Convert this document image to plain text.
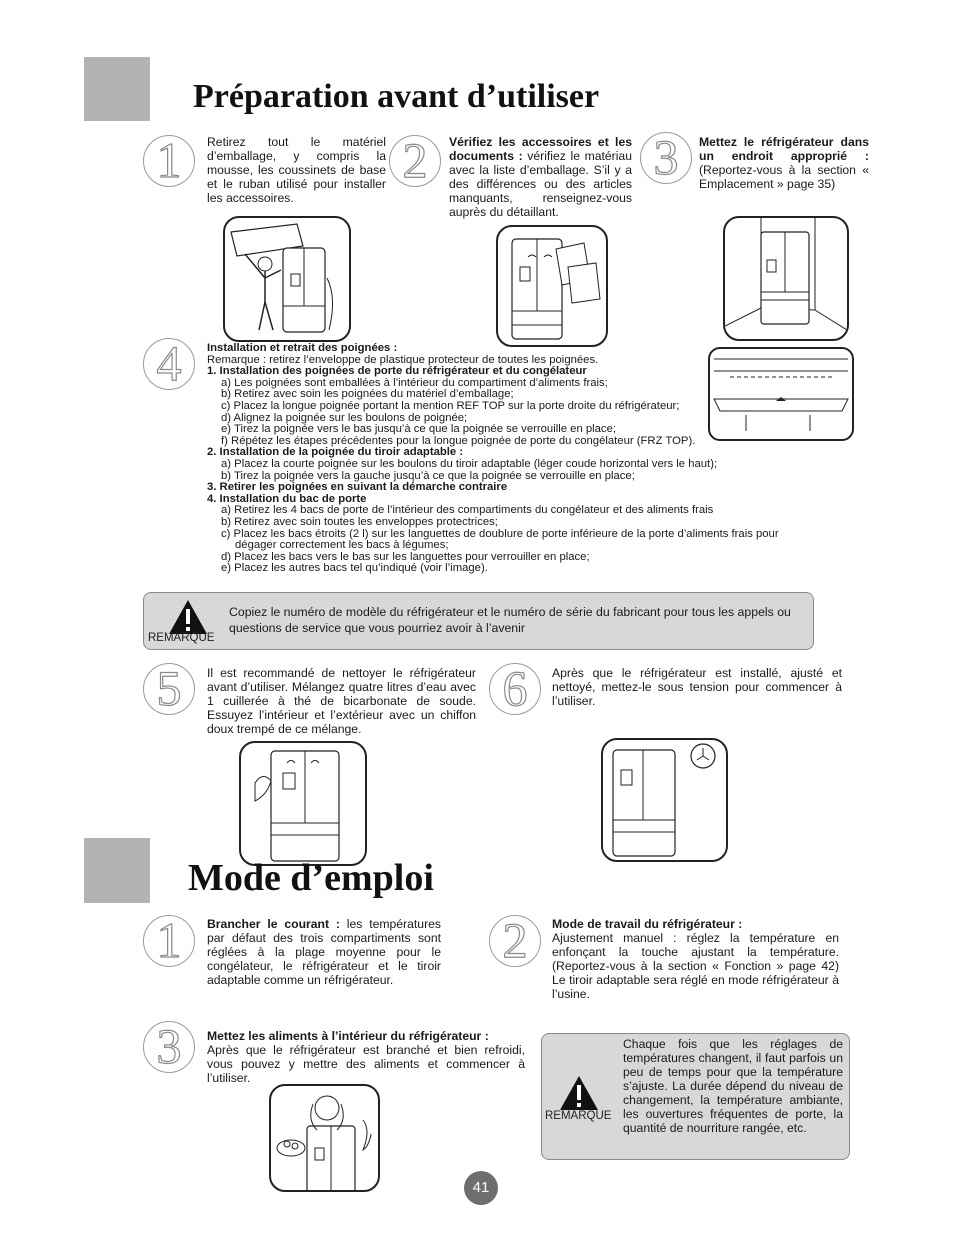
Préparation avant d’utiliser
1	Retirez tout le matériel d’emballage, y compris la mousse, les coussinets de base et le ruban utilisé pour installer les accessoires.
2	Vérifiez les accessoires et les documents : vérifiez le matériau avec la liste d’emballage. S’il y a des différences ou des articles manquants, renseignez-vous auprès du détaillant.
3	Mettez le réfrigérateur dans un endroit approprié : (Reportez-vous à la section « Emplacement » page 35)
4	Installation et retrait des poignées :
Remarque : retirez l’enveloppe de plastique protecteur de toutes les poignées.
1. Installation des poignées de porte du réfrigérateur et du congélateur
a) Les poignées sont emballées à l’intérieur du compartiment d’aliments frais;
b) Retirez avec soin les poignées du matériel d’emballage;
c) Placez la longue poignée portant la mention REF TOP sur la porte droite du réfrigérateur;
d) Alignez la poignée sur les boulons de poignée;
e) Tirez la poignée vers le bas jusqu’à ce que la poignée se verrouille en place;
f) Répétez les étapes précédentes pour la longue poignée de porte du congélateur (FRZ TOP).
2. Installation de la poignée du tiroir adaptable :
a) Placez la courte poignée sur les boulons du tiroir adaptable (léger coude horizontal vers le haut);
b) Tirez la poignée vers la gauche jusqu’à ce que la poignée se verrouille en place;
3. Retirer les poignées en suivant la démarche contraire
4. Installation du bac de porte
a) Retirez les 4 bacs de porte de l’intérieur des compartiments du congélateur et des aliments frais
b) Retirez avec soin toutes les enveloppes protectrices;
c) Placez les bacs étroits (2 l) sur les languettes de doublure de porte inférieure de la porte d’aliments frais pour
dégager correctement les bacs à légumes;
d) Placez les bacs vers le bas sur les languettes pour verrouiller en place;
e) Placez les autres bacs tel qu’indiqué (voir l’image).
REMARQUE
Copiez le numéro de modèle du réfrigérateur et le numéro de série du fabricant pour tous les appels ou questions de service que vous pourriez avoir à l’avenir
5	Il est recommandé de nettoyer le réfrigérateur avant d’utiliser. Mélangez quatre litres d’eau avec 1 cuillerée à thé de bicarbonate de soude. Essuyez l’intérieur et l’extérieur avec un chiffon doux trempé de ce mélange.
6	Après que le réfrigérateur est installé, ajusté et nettoyé, mettez-le sous tension pour commencer à l’utiliser.
Mode d’emploi
1	Brancher le courant : les températures par défaut des trois compartiments sont réglées à la plage moyenne pour le congélateur, le réfrigérateur et le tiroir adaptable comme un réfrigérateur.
2	Mode de travail du réfrigérateur :
Ajustement manuel : réglez la température en enfonçant la touche ajustant la température. (Reportez-vous à la section « Fonction » page 42) Le tiroir adaptable sera réglé en mode réfrigérateur à l’usine.
3	Mettez les aliments à l’intérieur du réfrigérateur :
Après que le réfrigérateur est branché et bien refroidi, vous pouvez y mettre des aliments et commencer à l’utiliser.
REMARQUE
Chaque fois que les réglages de températures changent, il faut parfois un peu de temps pour que la température s’ajuste. La durée dépend du niveau de changement, la température ambiante, les ouvertures fréquentes de porte, la quantité de nourriture rangée, etc.
41
